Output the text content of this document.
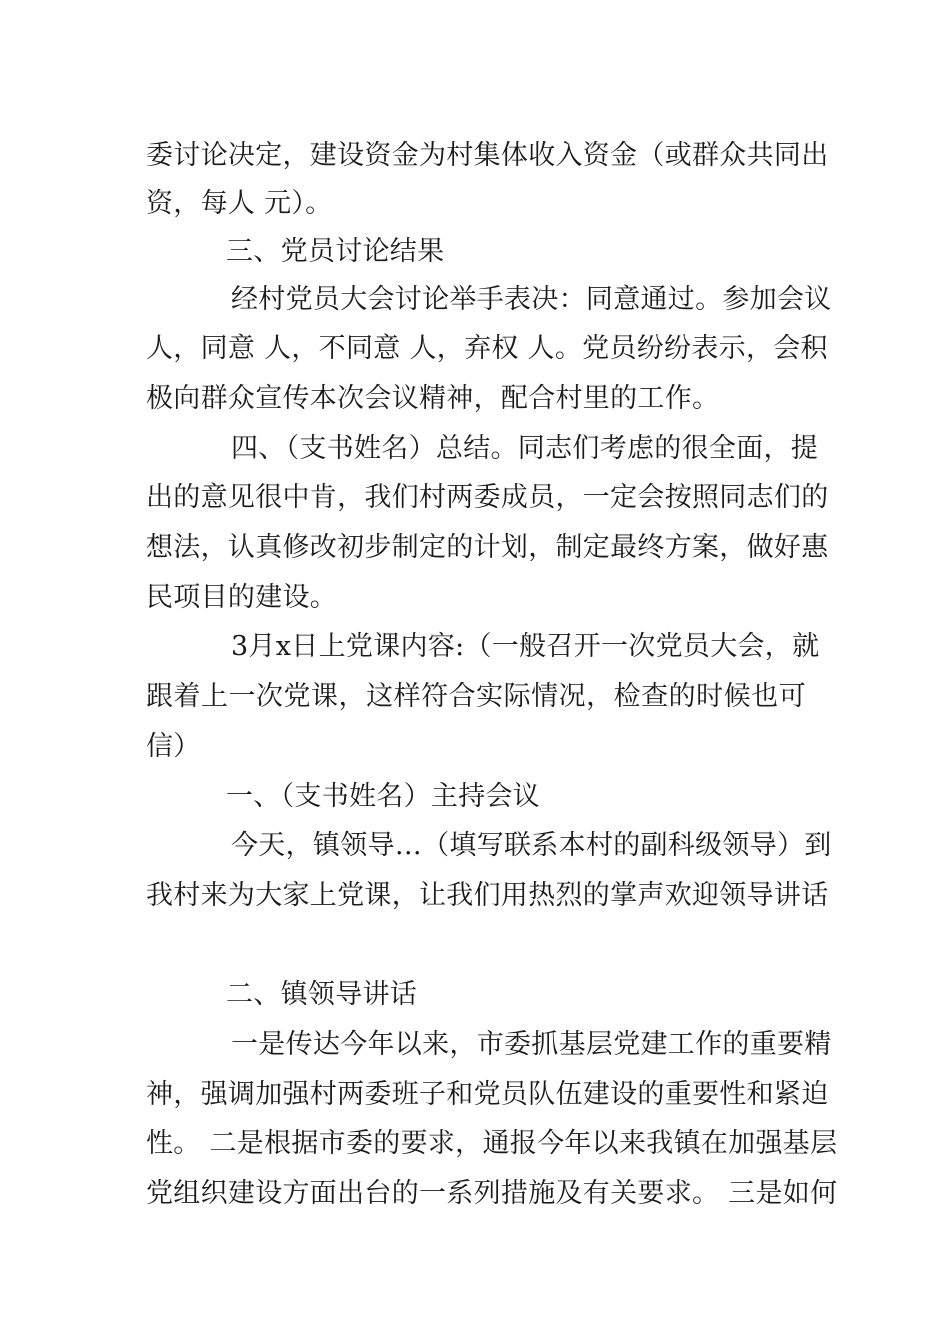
委讨论决定，建设资金为村集体收入资金（或群众共同出
资，每人 元）。
三、党员讨论结果
经村党员大会讨论举手表决：同意通过。参加会议
人，同意 人，不同意 人，弃权 人。党员纷纷表示，会积
极向群众宣传本次会议精神，配合村里的工作。
四、（支书姓名）总结。同志们考虑的很全面，提
出的意见很中肯，我们村两委成员，一定会按照同志们的
想法，认真修改初步制定的计划，制定最终方案，做好惠
民项目的建设。
3月x日上党课内容:（一般召开一次党员大会，就
跟着上一次党课，这样符合实际情况，检查的时候也可
信）
一、（支书姓名）主持会议
今天，镇领导…（填写联系本村的副科级领导）到
我村来为大家上党课，让我们用热烈的掌声欢迎领导讲话
二、镇领导讲话
一是传达今年以来，市委抓基层党建工作的重要精
神，强调加强村两委班子和党员队伍建设的重要性和紧迫
性。 二是根据市委的要求，通报今年以来我镇在加强基层
党组织建设方面出台的一系列措施及有关要求。 三是如何
